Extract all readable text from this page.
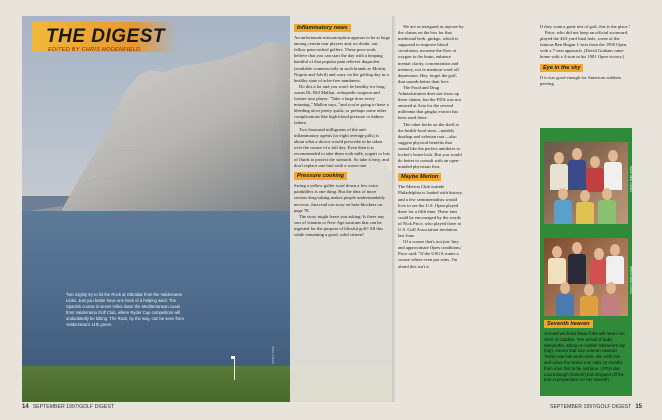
THE DIGEST
EDITED BY CHRIS HODENFIELD
Two mighty try to hit the Rock at Gibraltar from the Valderrama Links. Just you better have one heck of a helping wind. The Spanish course is seven miles down the Mediterranean coast from Valderrama Golf Club, where Ryder Cup competitors will undoubtedly be bitting. The Rock, by the way, can be seen from Valderrama's 11th green.
PHOTO: JOHN
Inflammatory news

An unfortunate misconception appears to be at large among certain tour players and, no doubt, our fellow pain-racked golfers. These poor souls believe that you can start the day with a heaping handful of that popular pain reliever ibuprofen (available commercially in such brands as Motrin, Nuprin and Advil) and carry on the golfing day in a healthy state of ache-free numbness.

Do this a lot and you won't be healthy for long, warns Dr. Bill Mallon, orthopedic surgeon and former tour player. "Take a large dose every morning," Mallon says, "and you're going to have a bleeding ulcer pretty quick, or perhaps some other complications like high blood pressure or kidney failure.

Two thousand milligrams of the anti-inflammatory agents (or eight average pills) is about what a doctor would prescribe to be taken over the course of a full day. Even then it is recommended to take them with milk, yogurt or lots of fluids to protect the stomach. So take it easy, and don't replace one hurt with a worse one.

Pressure cooking

Swing a yellow golfer scarf down a few extra painkillers is one thing. But the idea of more serious drug-taking makes people understandably nervous. Just read our story on beta-blockers on page 78.

The story might leave you asking: Is there any sort of vitamin or New Age nostrum that can be ingested for the purpose of blissful golf? All this while remaining a good, solid citizen?

We are as intrigued as anyone by the claims on the box for that medicinal herb, ginkgo, which is supposed to improve blood circulation, increase the flow of oxygen to the brain, enhance mental clarity, concentration and memory, not to mention ward off depression. Hey, forget the golf, that sounds better than love.

The Food and Drug Administration does not show up these claims, but the FDA was not amused at Asia for the several millennia that gingko extract has been used there.

The other herbs on the shelf at the health-food store—notably dusthap and valerian root—also suggest physical benefits that sound like the perfect antidotes to locker's brain-lock. But you would do better to consult with an open-minded physician first.

Maybe Merion

The Merion Club outside Philadelphia is loaded with history, and a few sentimentalists would love to see the U.S. Open played there for a fifth time. These fans could be encouraged by the words of Nick Price, who played there at U.S. Golf Association invitation last June.

Of a course that's not just 'tiny and approximate Open conditions,' Price said: "If the USGA wants a course where even par wins, I'm afraid this isn't it.

If they want a great test of golf, this is the place."

Price, who did not keep an official scorecard, played the 463-yard final hole, scene of the famous Ben Hogan 1-iron from the 1950 Open, with a 7-iron approach. (David Graham came home with a 4-iron in his 1981 Open victory.)

Eye in the sky

If it was good enough for American soldiers peering

PHOTO: MIKE SMITH
PHOTO: BOB LANGER
Seventh heaven

At least we know these folks will never run short of caddies. The arrival of baby Samantha, sitting on mother Sherene's lap (top), means that tour veteran Howard Twitty now has seven kids. We wish him well when the senior tour calls 16 months from now. Not to be outdone, LPGA star Laura Baugh (bottom) has dropped off the tour in preparation for her seventh.

14 SEPTEMBER 1997/GOLF DIGEST	SEPTEMBER 1997/GOLF DIGEST 15
